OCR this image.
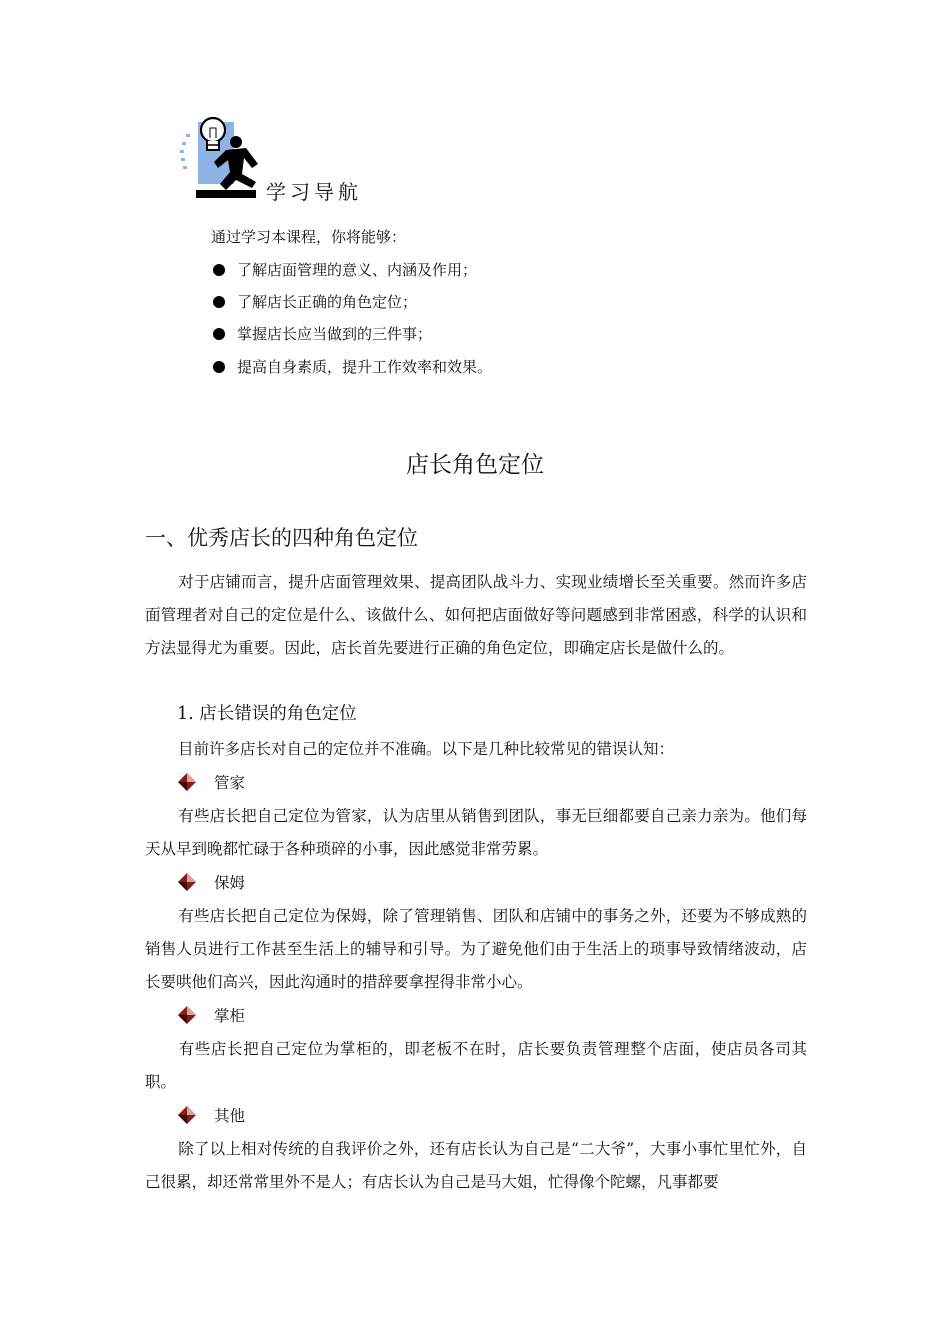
学习导航
通过学习本课程，你将能够：
了解店面管理的意义、内涵及作用；
了解店长正确的角色定位；
掌握店长应当做到的三件事；
提高自身素质，提升工作效率和效果。
店长角色定位
一、优秀店长的四种角色定位
对于店铺而言，提升店面管理效果、提高团队战斗力、实现业绩增长至关重要。然而许多店面管理者对自己的定位是什么、该做什么、如何把店面做好等问题感到非常困惑，科学的认识和方法显得尤为重要。因此，店长首先要进行正确的角色定位，即确定店长是做什么的。
1. 店长错误的角色定位
目前许多店长对自己的定位并不准确。以下是几种比较常见的错误认知：
管家
有些店长把自己定位为管家，认为店里从销售到团队，事无巨细都要自己亲力亲为。他们每天从早到晚都忙碌于各种琐碎的小事，因此感觉非常劳累。
保姆
有些店长把自己定位为保姆，除了管理销售、团队和店铺中的事务之外，还要为不够成熟的销售人员进行工作甚至生活上的辅导和引导。为了避免他们由于生活上的琐事导致情绪波动，店长要哄他们高兴，因此沟通时的措辞要拿捏得非常小心。
掌柜
有些店长把自己定位为掌柜的，即老板不在时，店长要负责管理整个店面，使店员各司其职。
其他
除了以上相对传统的自我评价之外，还有店长认为自己是“二大爷”，大事小事忙里忙外，自己很累，却还常常里外不是人；有店长认为自己是马大姐，忙得像个陀螺，凡事都要
